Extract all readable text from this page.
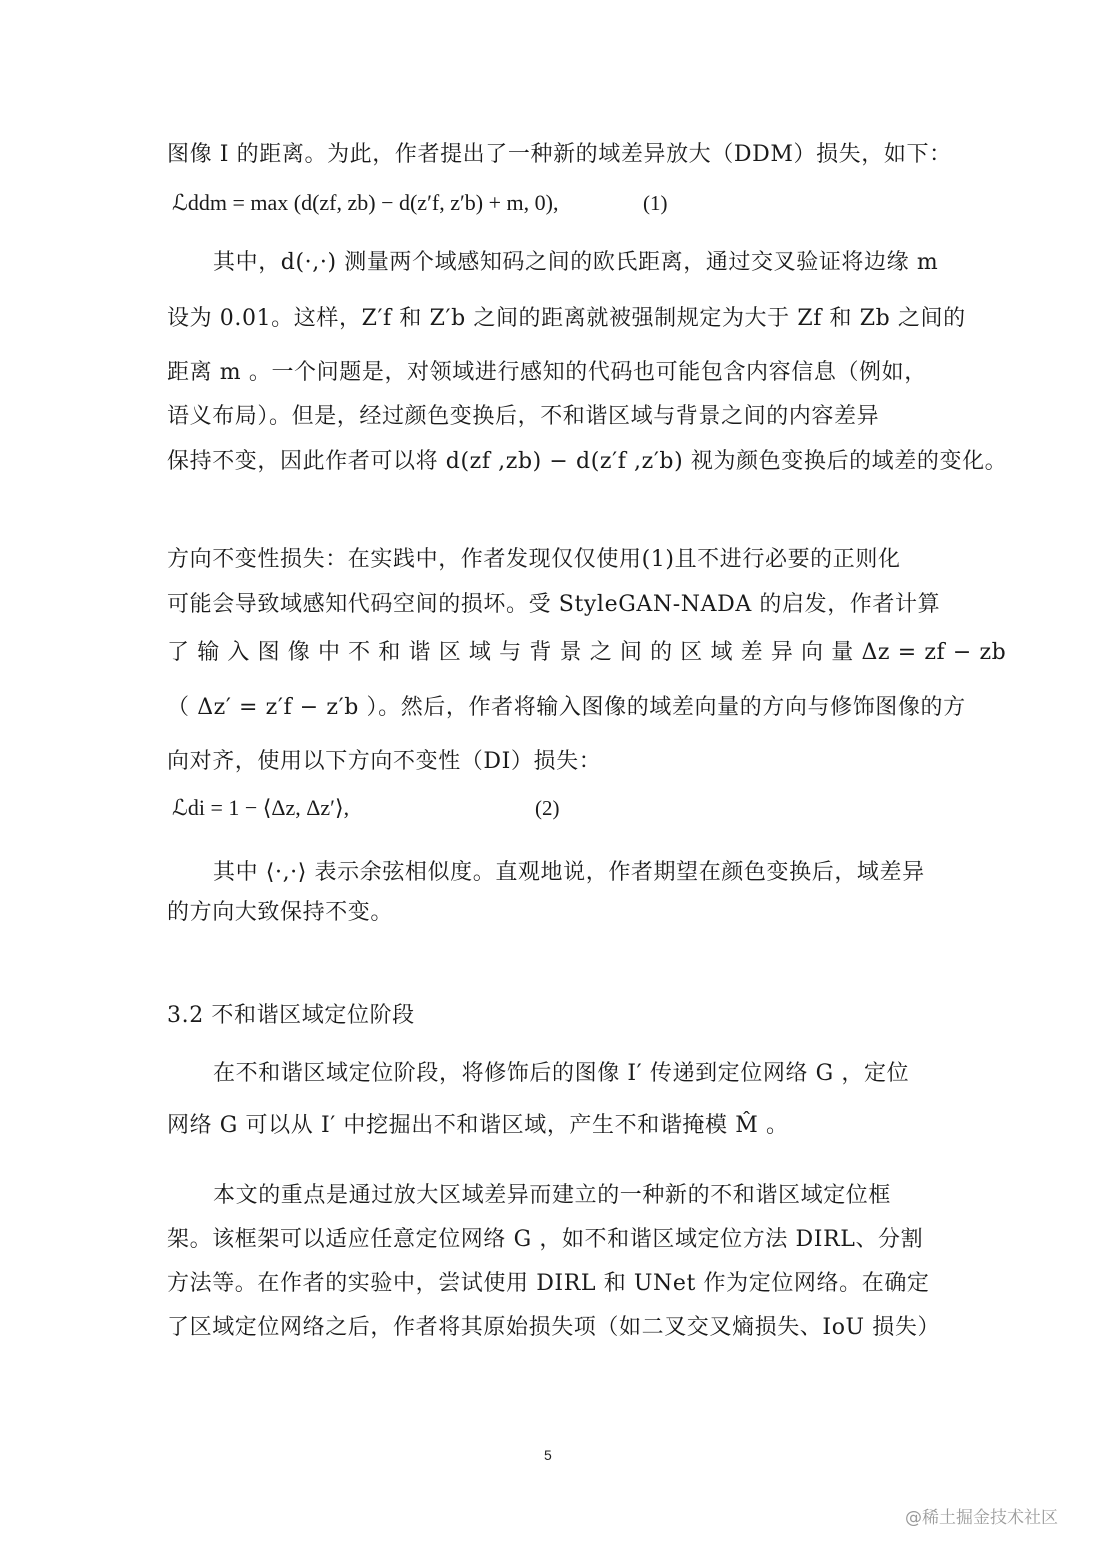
图像 I 的距离。为此，作者提出了一种新的域差异放大（DDM）损失，如下：
ℒddm = max (d(zf, zb) − d(z′f, z′b) + m, 0),	(1)
其中，d(·,·) 测量两个域感知码之间的欧氏距离，通过交叉验证将边缘 m
设为 0.01。这样，Z′f 和 Z′b 之间的距离就被强制规定为大于 Zf 和 Zb 之间的
距离 m 。一个问题是，对领域进行感知的代码也可能包含内容信息（例如，
语义布局）。但是，经过颜色变换后，不和谐区域与背景之间的内容差异
保持不变，因此作者可以将 d(zf ,zb) − d(z′f ,z′b) 视为颜色变换后的域差的变化。
方向不变性损失：在实践中，作者发现仅仅使用(1)且不进行必要的正则化
可能会导致域感知代码空间的损坏。受 StyleGAN-NADA 的启发，作者计算
了 输 入 图 像 中 不 和 谐 区 域 与 背 景 之 间 的 区 域 差 异 向 量 Δz = zf − zb
（ Δz′ = z′f − z′b ）。然后，作者将输入图像的域差向量的方向与修饰图像的方
向对齐，使用以下方向不变性（DI）损失：
ℒdi = 1 − ⟨Δz, Δz′⟩,	(2)
其中 ⟨·,·⟩ 表示余弦相似度。直观地说，作者期望在颜色变换后，域差异
的方向大致保持不变。
3.2 不和谐区域定位阶段
在不和谐区域定位阶段，将修饰后的图像 I′ 传递到定位网络 G ，定位
网络 G 可以从 I′ 中挖掘出不和谐区域，产生不和谐掩模 M̂ 。
本文的重点是通过放大区域差异而建立的一种新的不和谐区域定位框
架。该框架可以适应任意定位网络 G ，如不和谐区域定位方法 DIRL、分割
方法等。在作者的实验中，尝试使用 DIRL 和 UNet 作为定位网络。在确定
了区域定位网络之后，作者将其原始损失项（如二叉交叉熵损失、IoU 损失）
5
@稀土掘金技术社区
